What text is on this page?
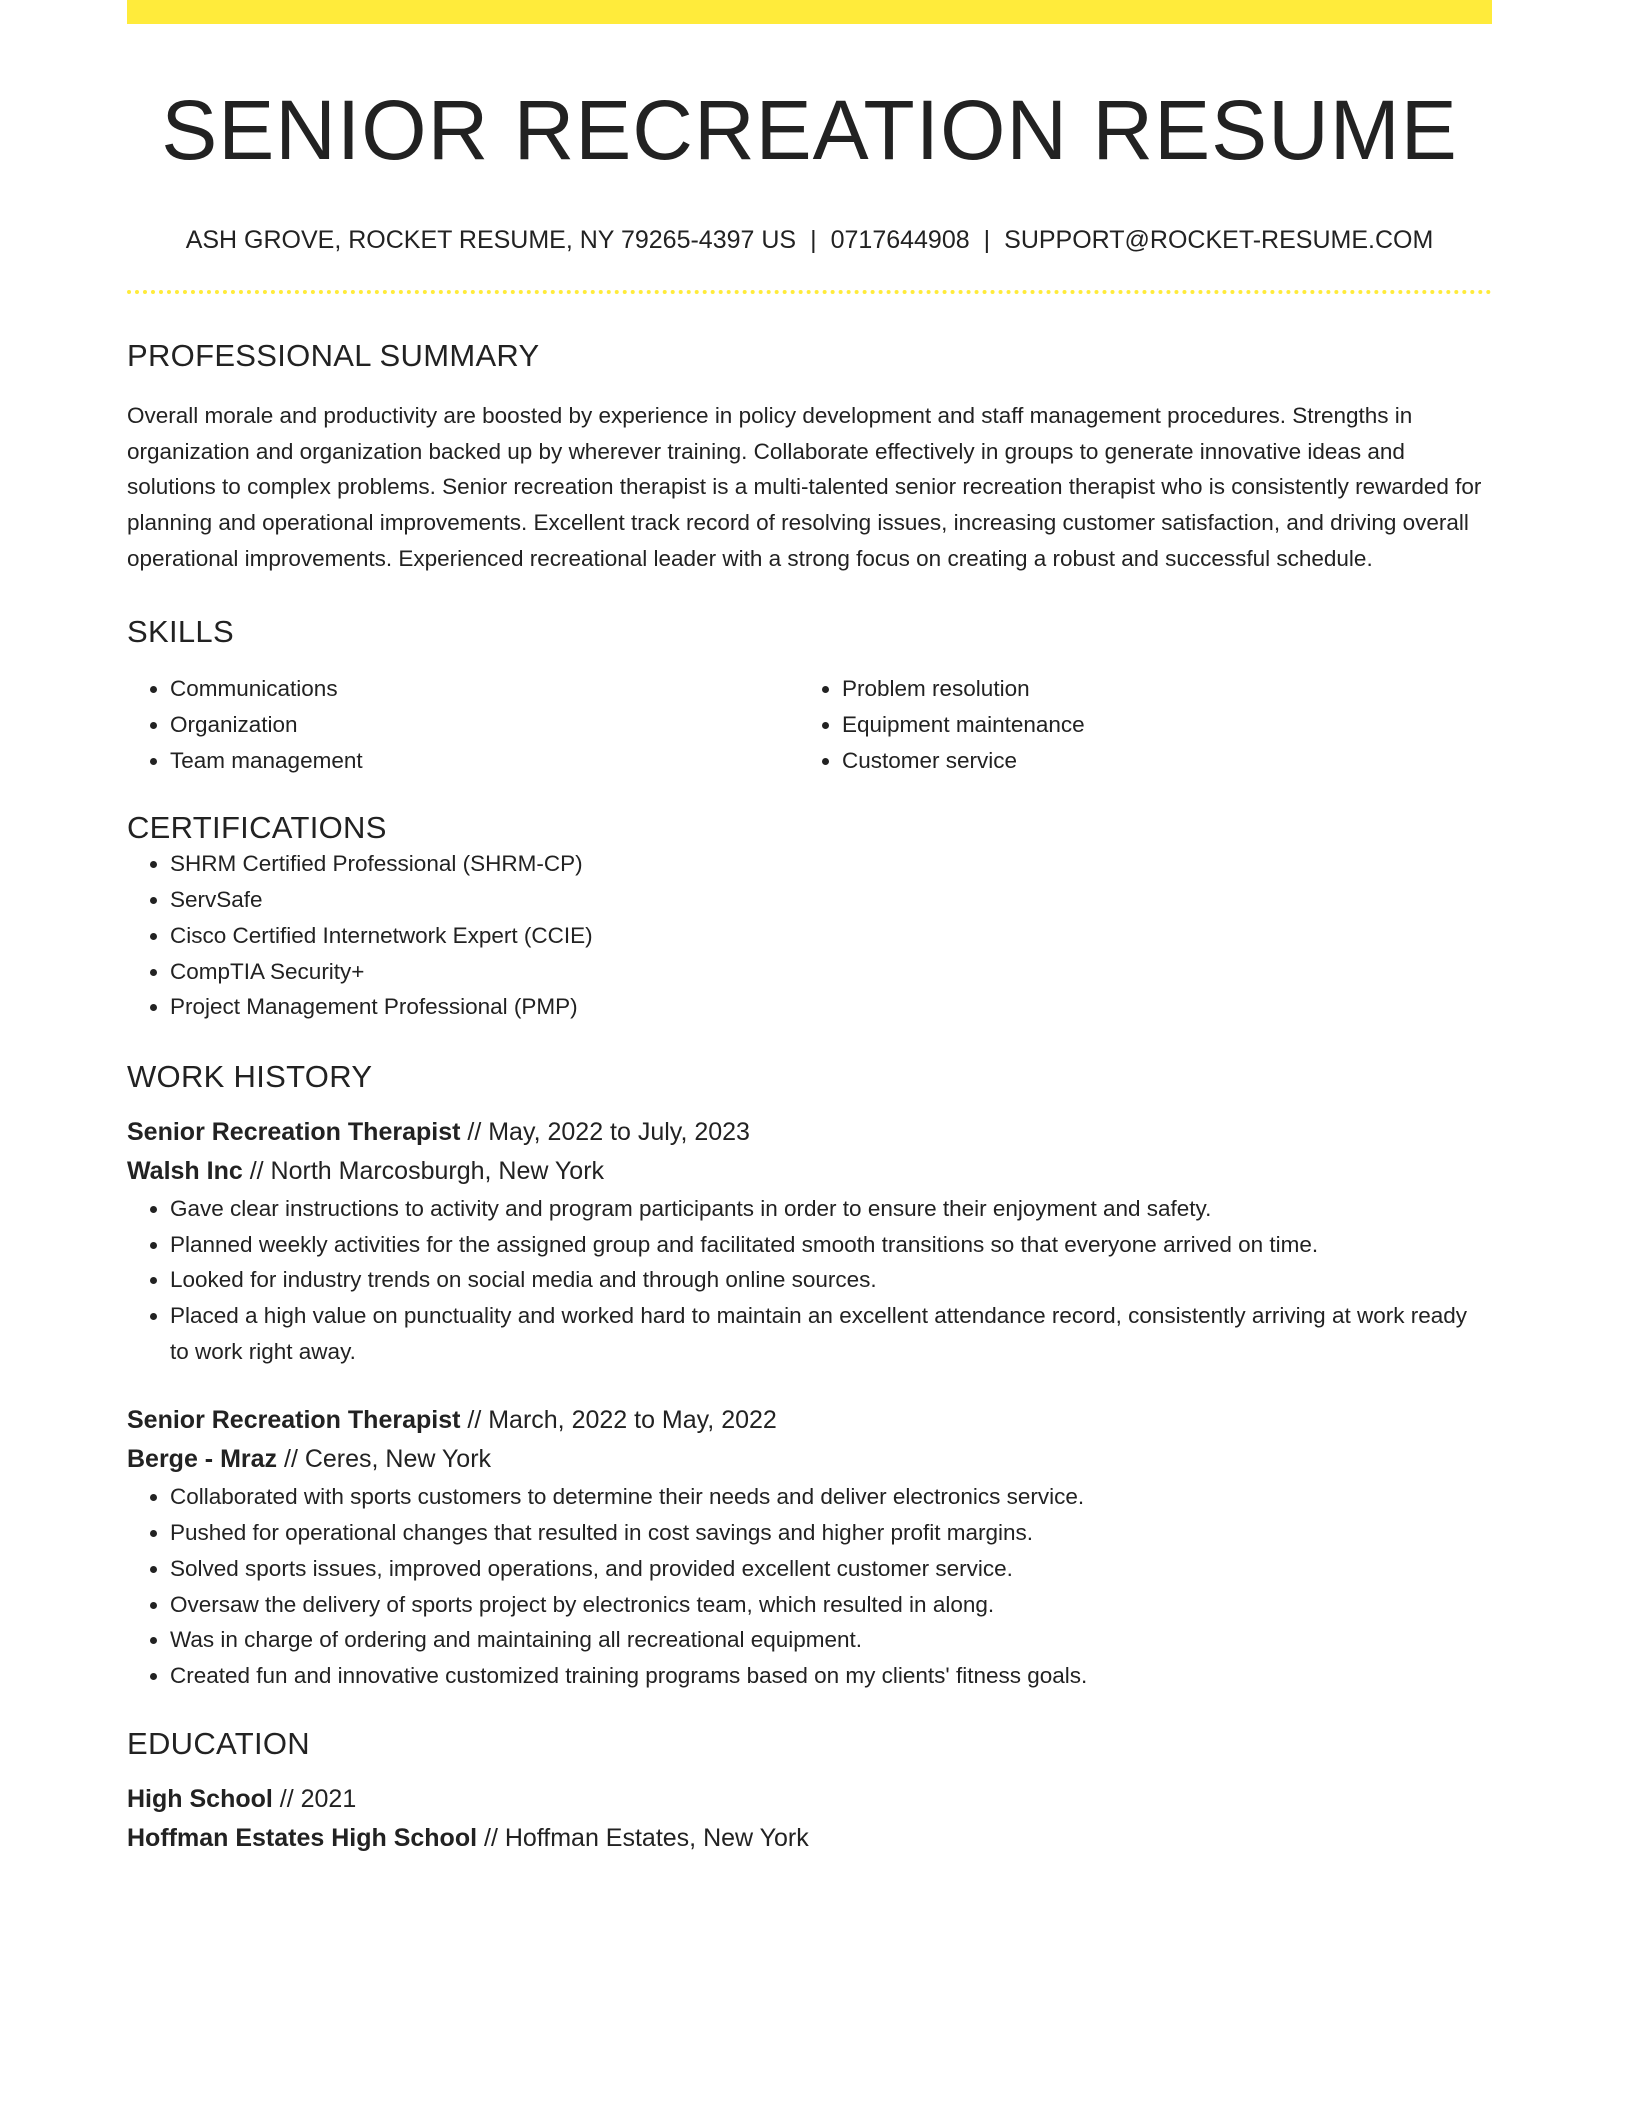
SENIOR RECREATION RESUME
ASH GROVE, ROCKET RESUME, NY 79265-4397 US | 0717644908 | SUPPORT@ROCKET-RESUME.COM
PROFESSIONAL SUMMARY

Overall morale and productivity are boosted by experience in policy development and staff management procedures. Strengths in organization and organization backed up by wherever training. Collaborate effectively in groups to generate innovative ideas and solutions to complex problems. Senior recreation therapist is a multi-talented senior recreation therapist who is consistently rewarded for planning and operational improvements. Excellent track record of resolving issues, increasing customer satisfaction, and driving overall operational improvements. Experienced recreational leader with a strong focus on creating a robust and successful schedule.

SKILLS
• Communications
• Organization
• Team management
• Problem resolution
• Equipment maintenance
• Customer service
CERTIFICATIONS
• SHRM Certified Professional (SHRM-CP)
• ServSafe
• Cisco Certified Internetwork Expert (CCIE)
• CompTIA Security+
• Project Management Professional (PMP)
WORK HISTORY
Senior Recreation Therapist // May, 2022 to July, 2023
Walsh Inc // North Marcosburgh, New York
• Gave clear instructions to activity and program participants in order to ensure their enjoyment and safety.
• Planned weekly activities for the assigned group and facilitated smooth transitions so that everyone arrived on time.
• Looked for industry trends on social media and through online sources.
• Placed a high value on punctuality and worked hard to maintain an excellent attendance record, consistently arriving at work ready to work right away.
Senior Recreation Therapist // March, 2022 to May, 2022
Berge - Mraz // Ceres, New York
• Collaborated with sports customers to determine their needs and deliver electronics service.
• Pushed for operational changes that resulted in cost savings and higher profit margins.
• Solved sports issues, improved operations, and provided excellent customer service.
• Oversaw the delivery of sports project by electronics team, which resulted in along.
• Was in charge of ordering and maintaining all recreational equipment.
• Created fun and innovative customized training programs based on my clients' fitness goals.
EDUCATION
High School // 2021
Hoffman Estates High School // Hoffman Estates, New York
